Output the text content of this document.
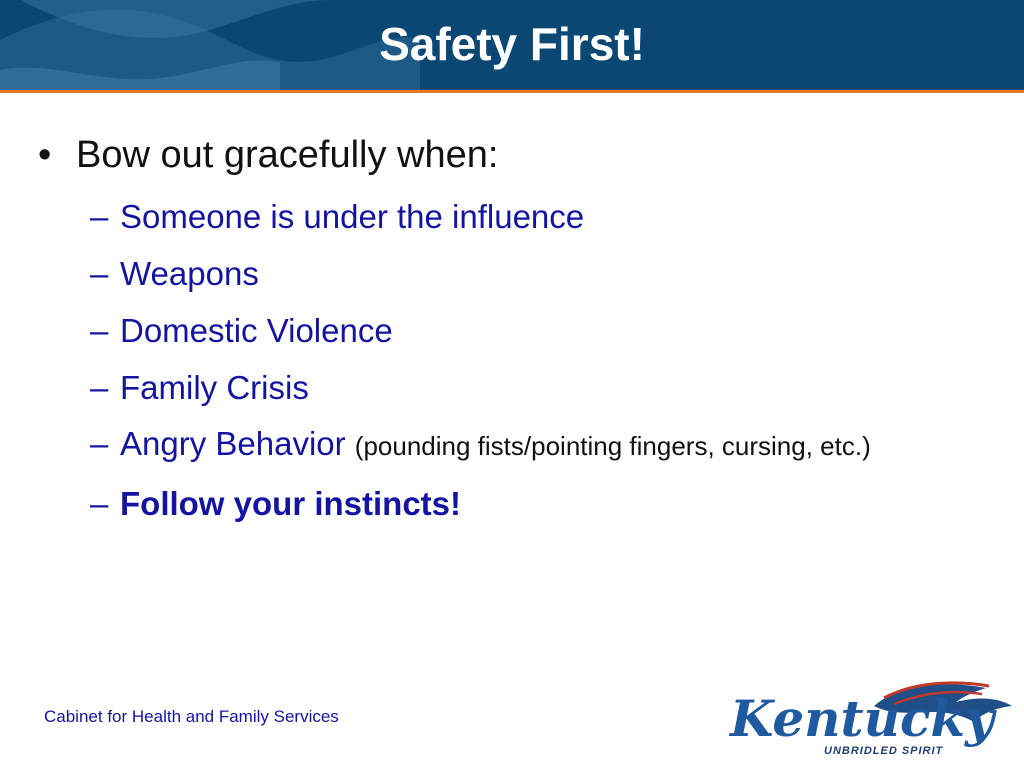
Safety First!
• Bow out gracefully when:
– Someone is under the influence
– Weapons
– Domestic Violence
– Family Crisis
– Angry Behavior (pounding fists/pointing fingers, cursing, etc.)
– Follow your instincts!
Cabinet for Health and Family Services	Kentucky
UNBRIDLED SPIRIT
